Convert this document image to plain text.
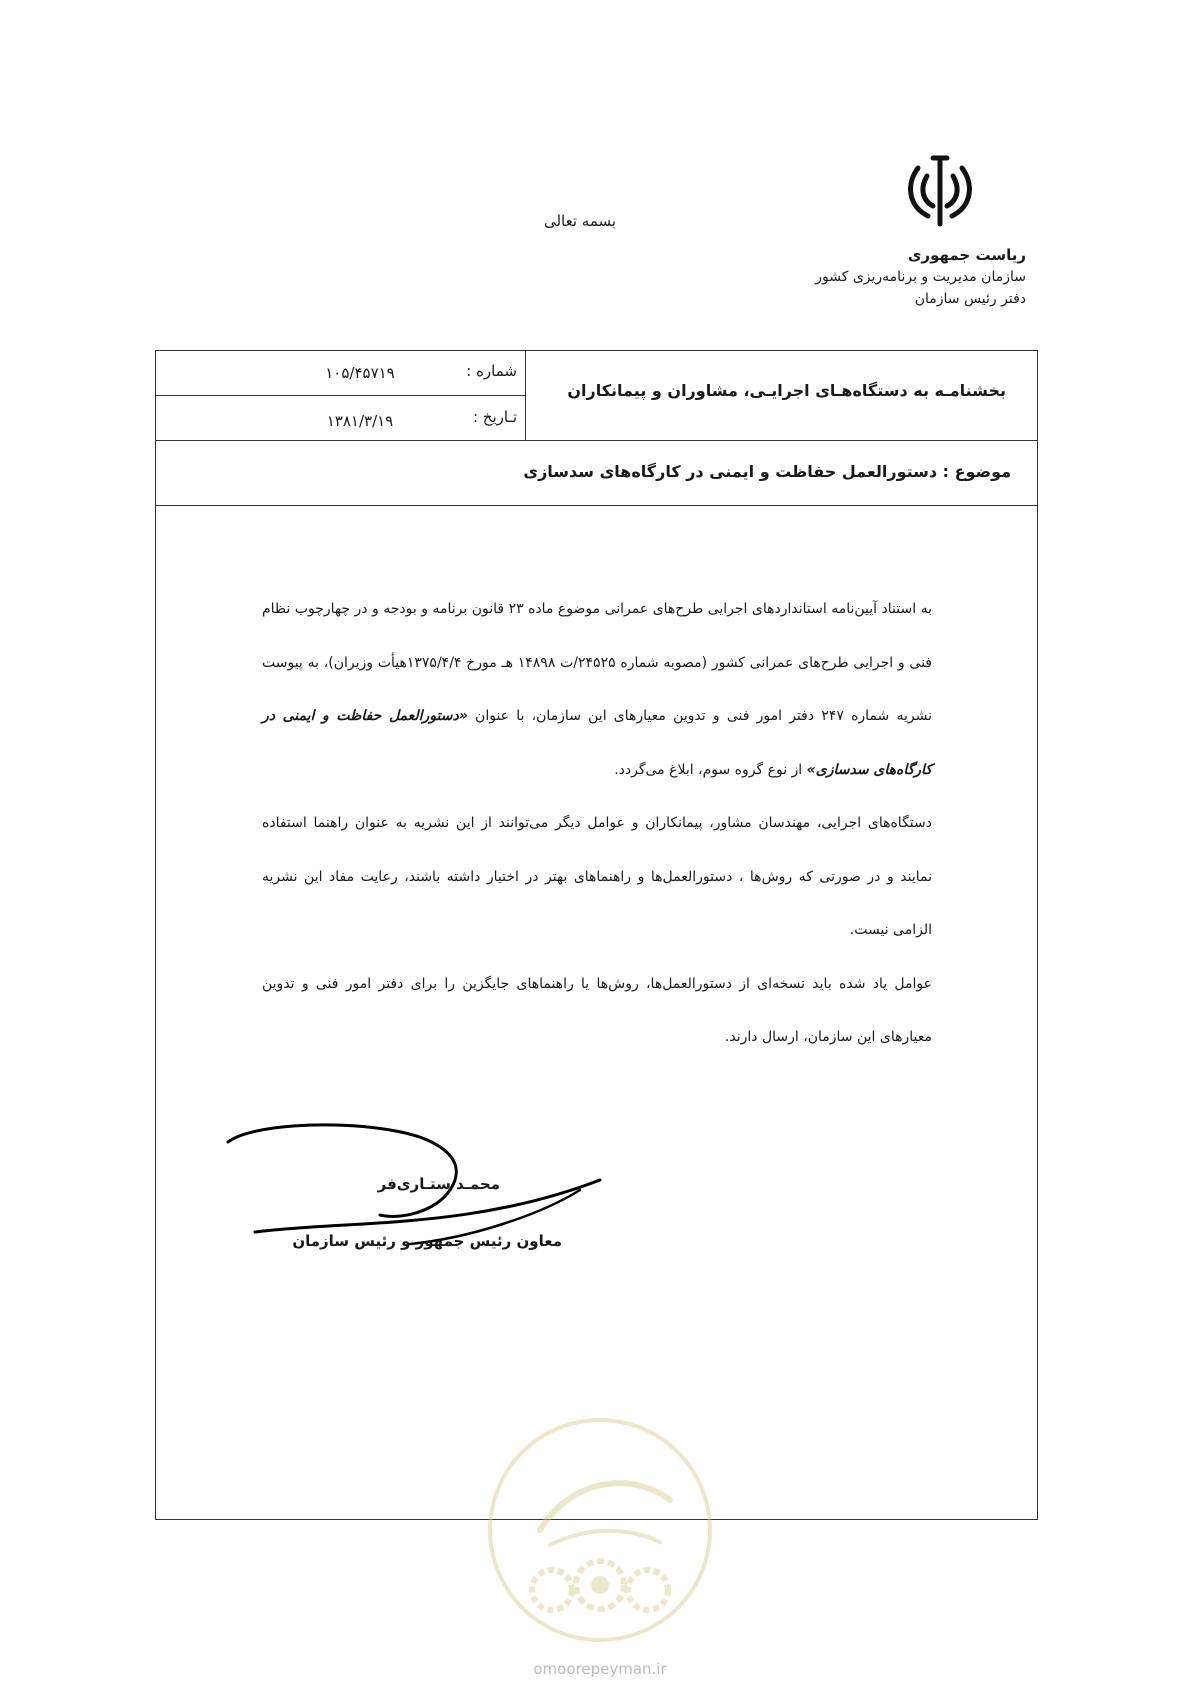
بسمه تعالی
ریاست جمهوری
سازمان مدیریت و برنامه‌ریزی کشور
دفتر رئیس سازمان
شماره :
۱۰۵/۴۵۷۱۹
تـاریخ :
۱۳۸۱/۳/۱۹
بخشنامـه به دستگاه‌هـای اجرایـی، مشاوران و پیمانکاران
موضوع : دستورالعمل حفاظت و ایمنی در کارگاه‌های سدسازی

به استناد آیین‌نامه استانداردهای اجرایی طرح‌های عمرانی موضوع ماده ۲۳ قانون برنامه و بودجه و در چهارچوب نظام فنی و اجرایی طرح‌های عمرانی کشور (مصوبه شماره ۲۴۵۲۵/ت ۱۴۸۹۸ هـ مورخ ۱۳۷۵/۴/۴هیأت وزیران)، به پیوست نشریه شماره ۲۴۷ دفتر امور فنی و تدوین معیارهای این سازمان، با عنوان «دستورالعمل حفاظت و ایمنی در کارگاه‌های سدسازی» از نوع گروه سوم، ابلاغ می‌گردد.

دستگاه‌های اجرایی، مهندسان مشاور، پیمانکاران و عوامل دیگر می‌توانند از این نشریه به عنوان راهنما استفاده نمایند و در صورتی که روش‌ها ، دستورالعمل‌ها و راهنماهای بهتر در اختیار داشته باشند، رعایت مفاد این نشریه الزامی نیست.

عوامل یاد شده باید نسخه‌ای از دستورالعمل‌ها، روش‌ها یا راهنماهای جایگزین را برای دفتر امور فنی و تدوین معیارهای این سازمان، ارسال دارند.

محمـد ستـاری‌فر
معاون رئیس جمهور و رئیس سازمان
omoorepeyman.ir
